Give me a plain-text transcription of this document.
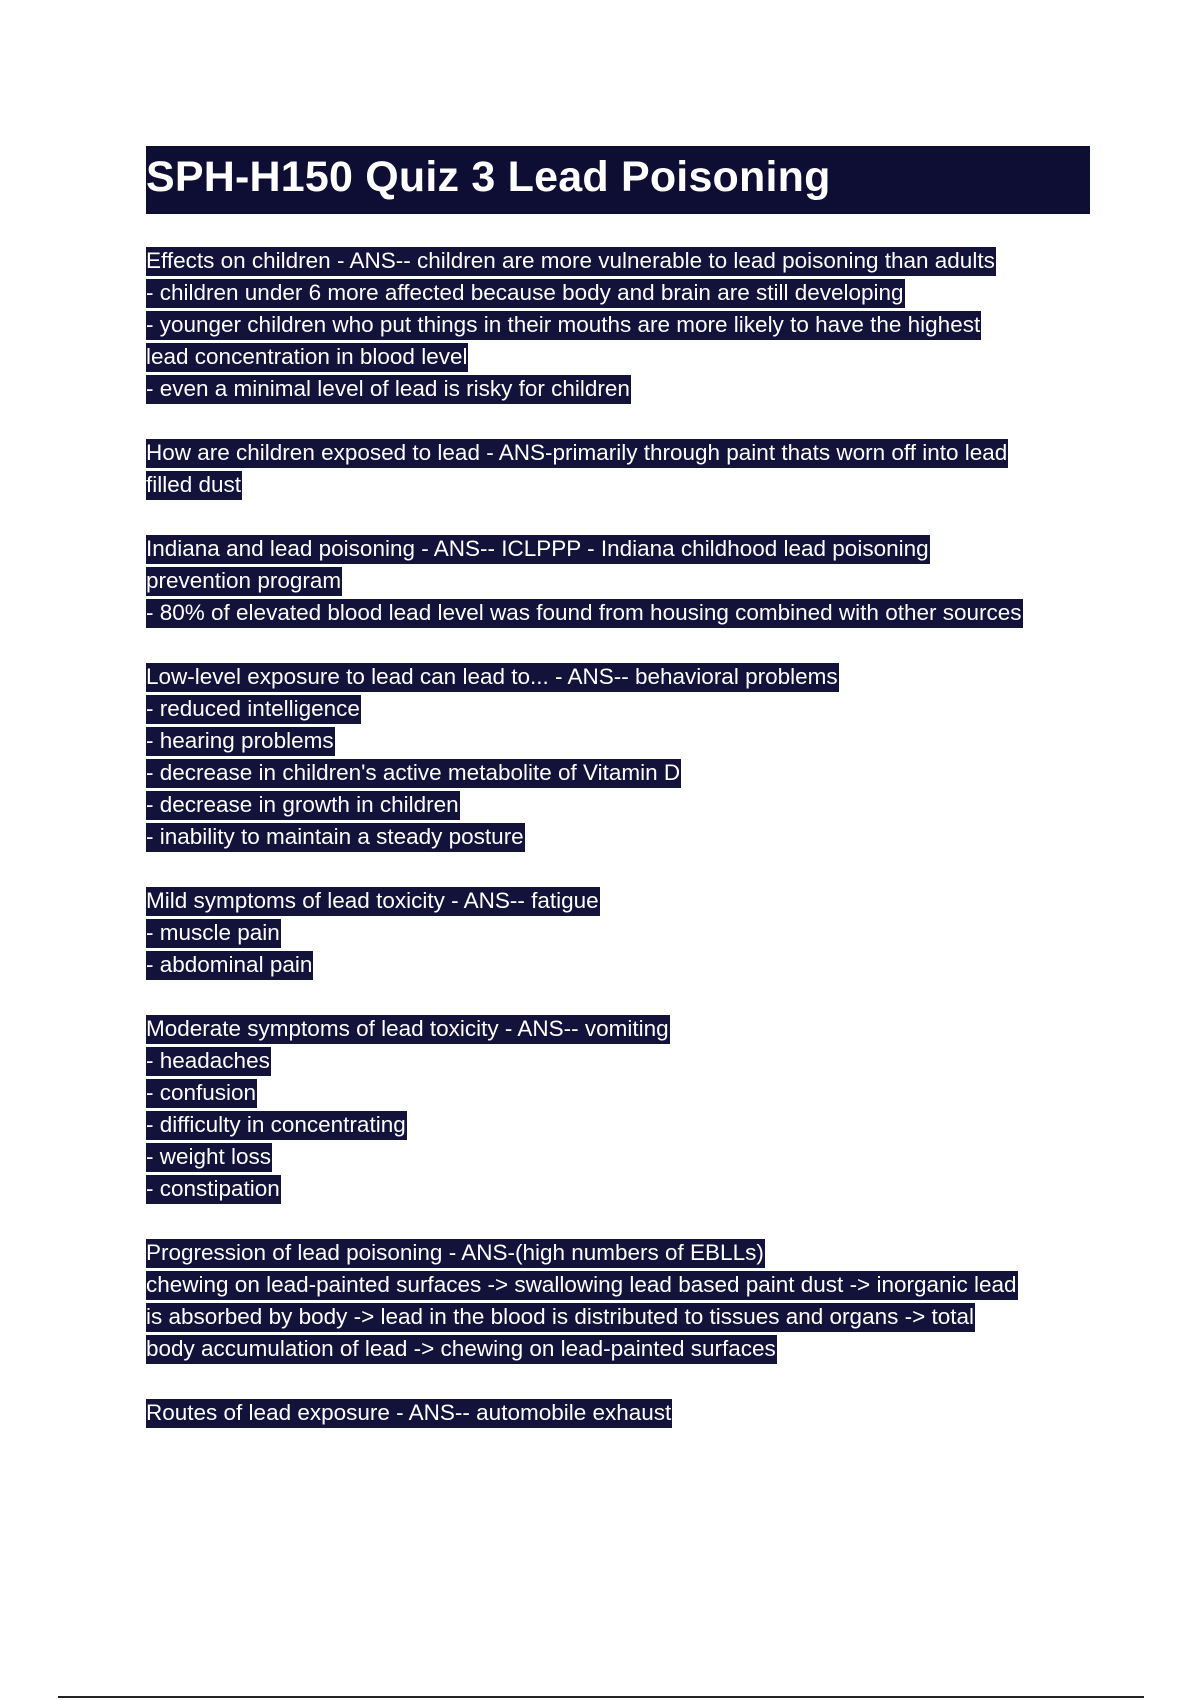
SPH-H150 Quiz 3 Lead Poisoning
Effects on children - ANS-- children are more vulnerable to lead poisoning than adults
- children under 6 more affected because body and brain are still developing
- younger children who put things in their mouths are more likely to have the highest
lead concentration in blood level
- even a minimal level of lead is risky for children
How are children exposed to lead - ANS-primarily through paint thats worn off into lead
filled dust
Indiana and lead poisoning - ANS-- ICLPPP - Indiana childhood lead poisoning
prevention program
- 80% of elevated blood lead level was found from housing combined with other sources
Low-level exposure to lead can lead to... - ANS-- behavioral problems
- reduced intelligence
- hearing problems
- decrease in children's active metabolite of Vitamin D
- decrease in growth in children
- inability to maintain a steady posture
Mild symptoms of lead toxicity - ANS-- fatigue
- muscle pain
- abdominal pain
Moderate symptoms of lead toxicity - ANS-- vomiting
- headaches
- confusion
- difficulty in concentrating
- weight loss
- constipation
Progression of lead poisoning - ANS-(high numbers of EBLLs)
chewing on lead-painted surfaces -> swallowing lead based paint dust -> inorganic lead
is absorbed by body -> lead in the blood is distributed to tissues and organs -> total
body accumulation of lead -> chewing on lead-painted surfaces
Routes of lead exposure - ANS-- automobile exhaust
